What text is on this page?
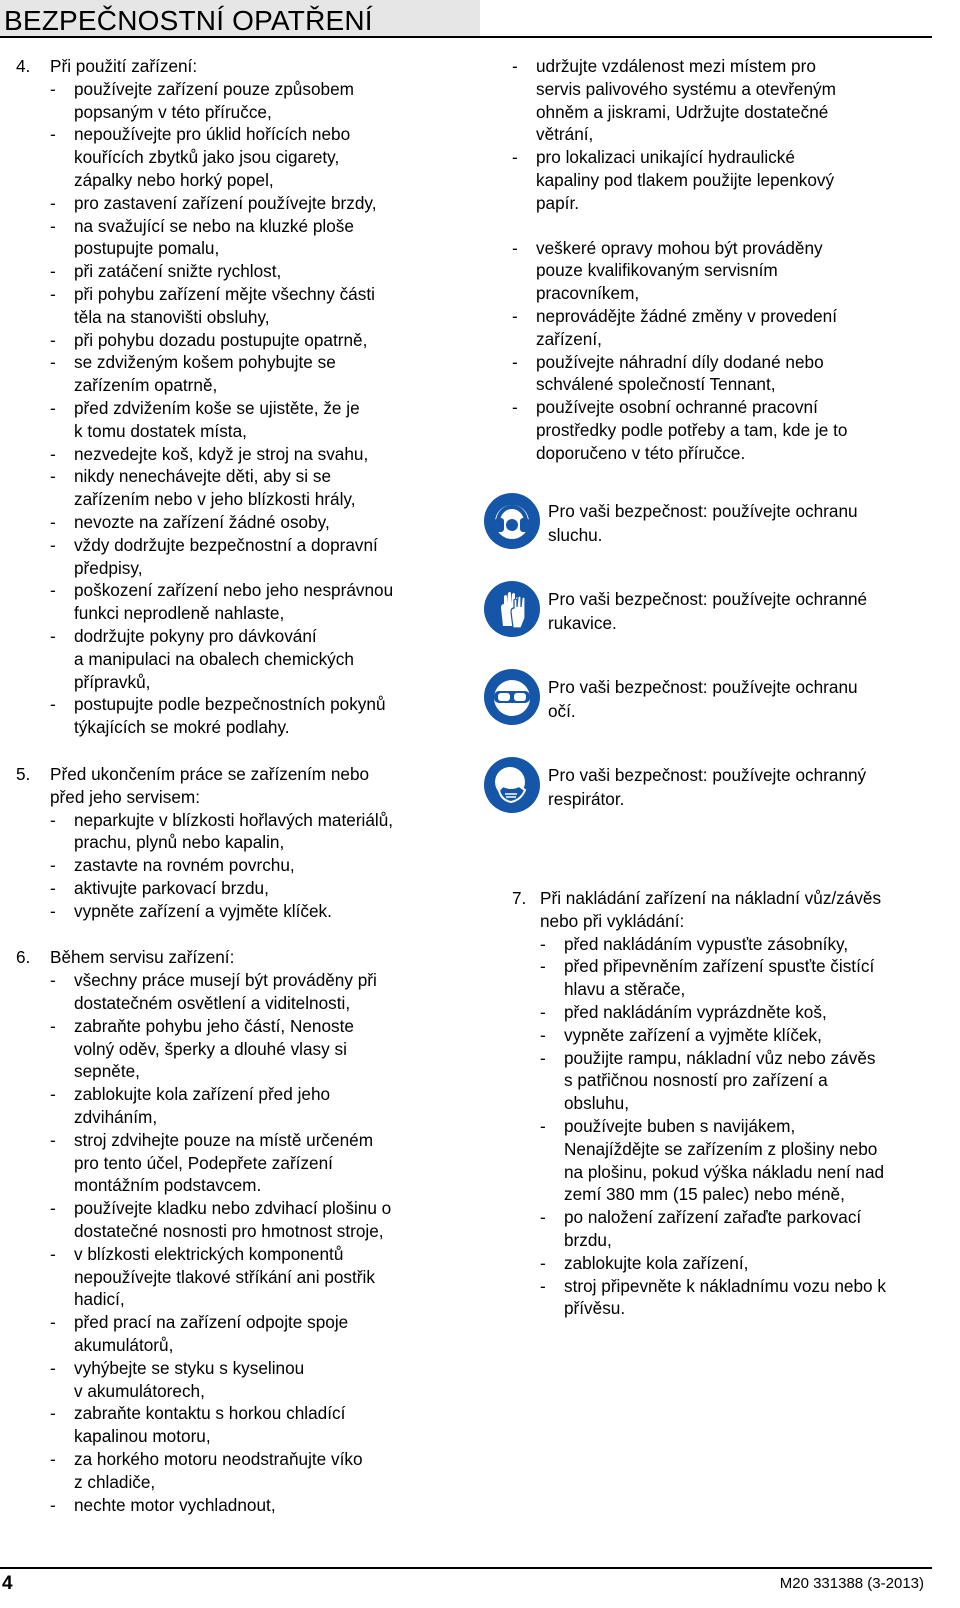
BEZPEČNOSTNÍ OPATŘENÍ
4.	Při použití zařízení:
-	používejte zařízení pouze způsobem
popsaným v této příručce,
-	nepoužívejte pro úklid hořících nebo
kouřících zbytků jako jsou cigarety,
zápalky nebo horký popel,
-	pro zastavení zařízení používejte brzdy,
-	na svažující se nebo na kluzké ploše
postupujte pomalu,
-	při zatáčení snižte rychlost,
-	při pohybu zařízení mějte všechny části
těla na stanovišti obsluhy,
-	při pohybu dozadu postupujte opatrně,
-	se zdviženým košem pohybujte se
zařízením opatrně,
-	před zdvižením koše se ujistěte, že je
k tomu dostatek místa,
-	nezvedejte koš, když je stroj na svahu,
-	nikdy nenechávejte děti, aby si se
zařízením nebo v jeho blízkosti hrály,
-	nevozte na zařízení žádné osoby,
-	vždy dodržujte bezpečnostní a dopravní
předpisy,
-	poškození zařízení nebo jeho nesprávnou
funkci neprodleně nahlaste,
-	dodržujte pokyny pro dávkování
a manipulaci na obalech chemických
přípravků,
-	postupujte podle bezpečnostních pokynů
týkajících se mokré podlahy.
5.	Před ukončením práce se zařízením nebo
před jeho servisem:
-	neparkujte v blízkosti hořlavých materiálů,
prachu, plynů nebo kapalin,
-	zastavte na rovném povrchu,
-	aktivujte parkovací brzdu,
-	vypněte zařízení a vyjměte klíček.
6.	Během servisu zařízení:
-	všechny práce musejí být prováděny při
dostatečném osvětlení a viditelnosti,
-	zabraňte pohybu jeho částí, Nenoste
volný oděv, šperky a dlouhé vlasy si
sepněte,
-	zablokujte kola zařízení před jeho
zdviháním,
-	stroj zdvihejte pouze na místě určeném
pro tento účel, Podepřete zařízení
montážním podstavcem.
-	používejte kladku nebo zdvihací plošinu o
dostatečné nosnosti pro hmotnost stroje,
-	v blízkosti elektrických komponentů
nepoužívejte tlakové stříkání ani postřik
hadicí,
-	před prací na zařízení odpojte spoje
akumulátorů,
-	vyhýbejte se styku s kyselinou
v akumulátorech,
-	zabraňte kontaktu s horkou chladící
kapalinou motoru,
-	za horkého motoru neodstraňujte víko
z chladiče,
-	nechte motor vychladnout,
-	udržujte vzdálenost mezi místem pro
servis palivového systému a otevřeným
ohněm a jiskrami, Udržujte dostatečné
větrání,
-	pro lokalizaci unikající hydraulické
kapaliny pod tlakem použijte lepenkový
papír.
-	veškeré opravy mohou být prováděny
pouze kvalifikovaným servisním
pracovníkem,
-	neprovádějte žádné změny v provedení
zařízení,
-	používejte náhradní díly dodané nebo
schválené společností Tennant,
-	používejte osobní ochranné pracovní
prostředky podle potřeby a tam, kde je to
doporučeno v této příručce.
Pro vaši bezpečnost: používejte ochranu
sluchu.
Pro vaši bezpečnost: používejte ochranné
rukavice.
Pro vaši bezpečnost: používejte ochranu
očí.
Pro vaši bezpečnost: používejte ochranný
respirátor.
7. Při nakládání zařízení na nákladní vůz/závěs
nebo při vykládání:
-	před nakládáním vypusťte zásobníky,
-	před připevněním zařízení spusťte čistící
hlavu a stěrače,
-	před nakládáním vyprázdněte koš,
-	vypněte zařízení a vyjměte klíček,
-	použijte rampu, nákladní vůz nebo závěs
s patřičnou nosností pro zařízení a
obsluhu,
-	používejte buben s navijákem,
Nenajíždějte se zařízením z plošiny nebo
na plošinu, pokud výška nákladu není nad
zemí 380 mm (15 palec) nebo méně,
-	po naložení zařízení zařaďte parkovací
brzdu,
-	zablokujte kola zařízení,
-	stroj připevněte k nákladnímu vozu nebo k
přívěsu.
4	M20 331388 (3-2013)
